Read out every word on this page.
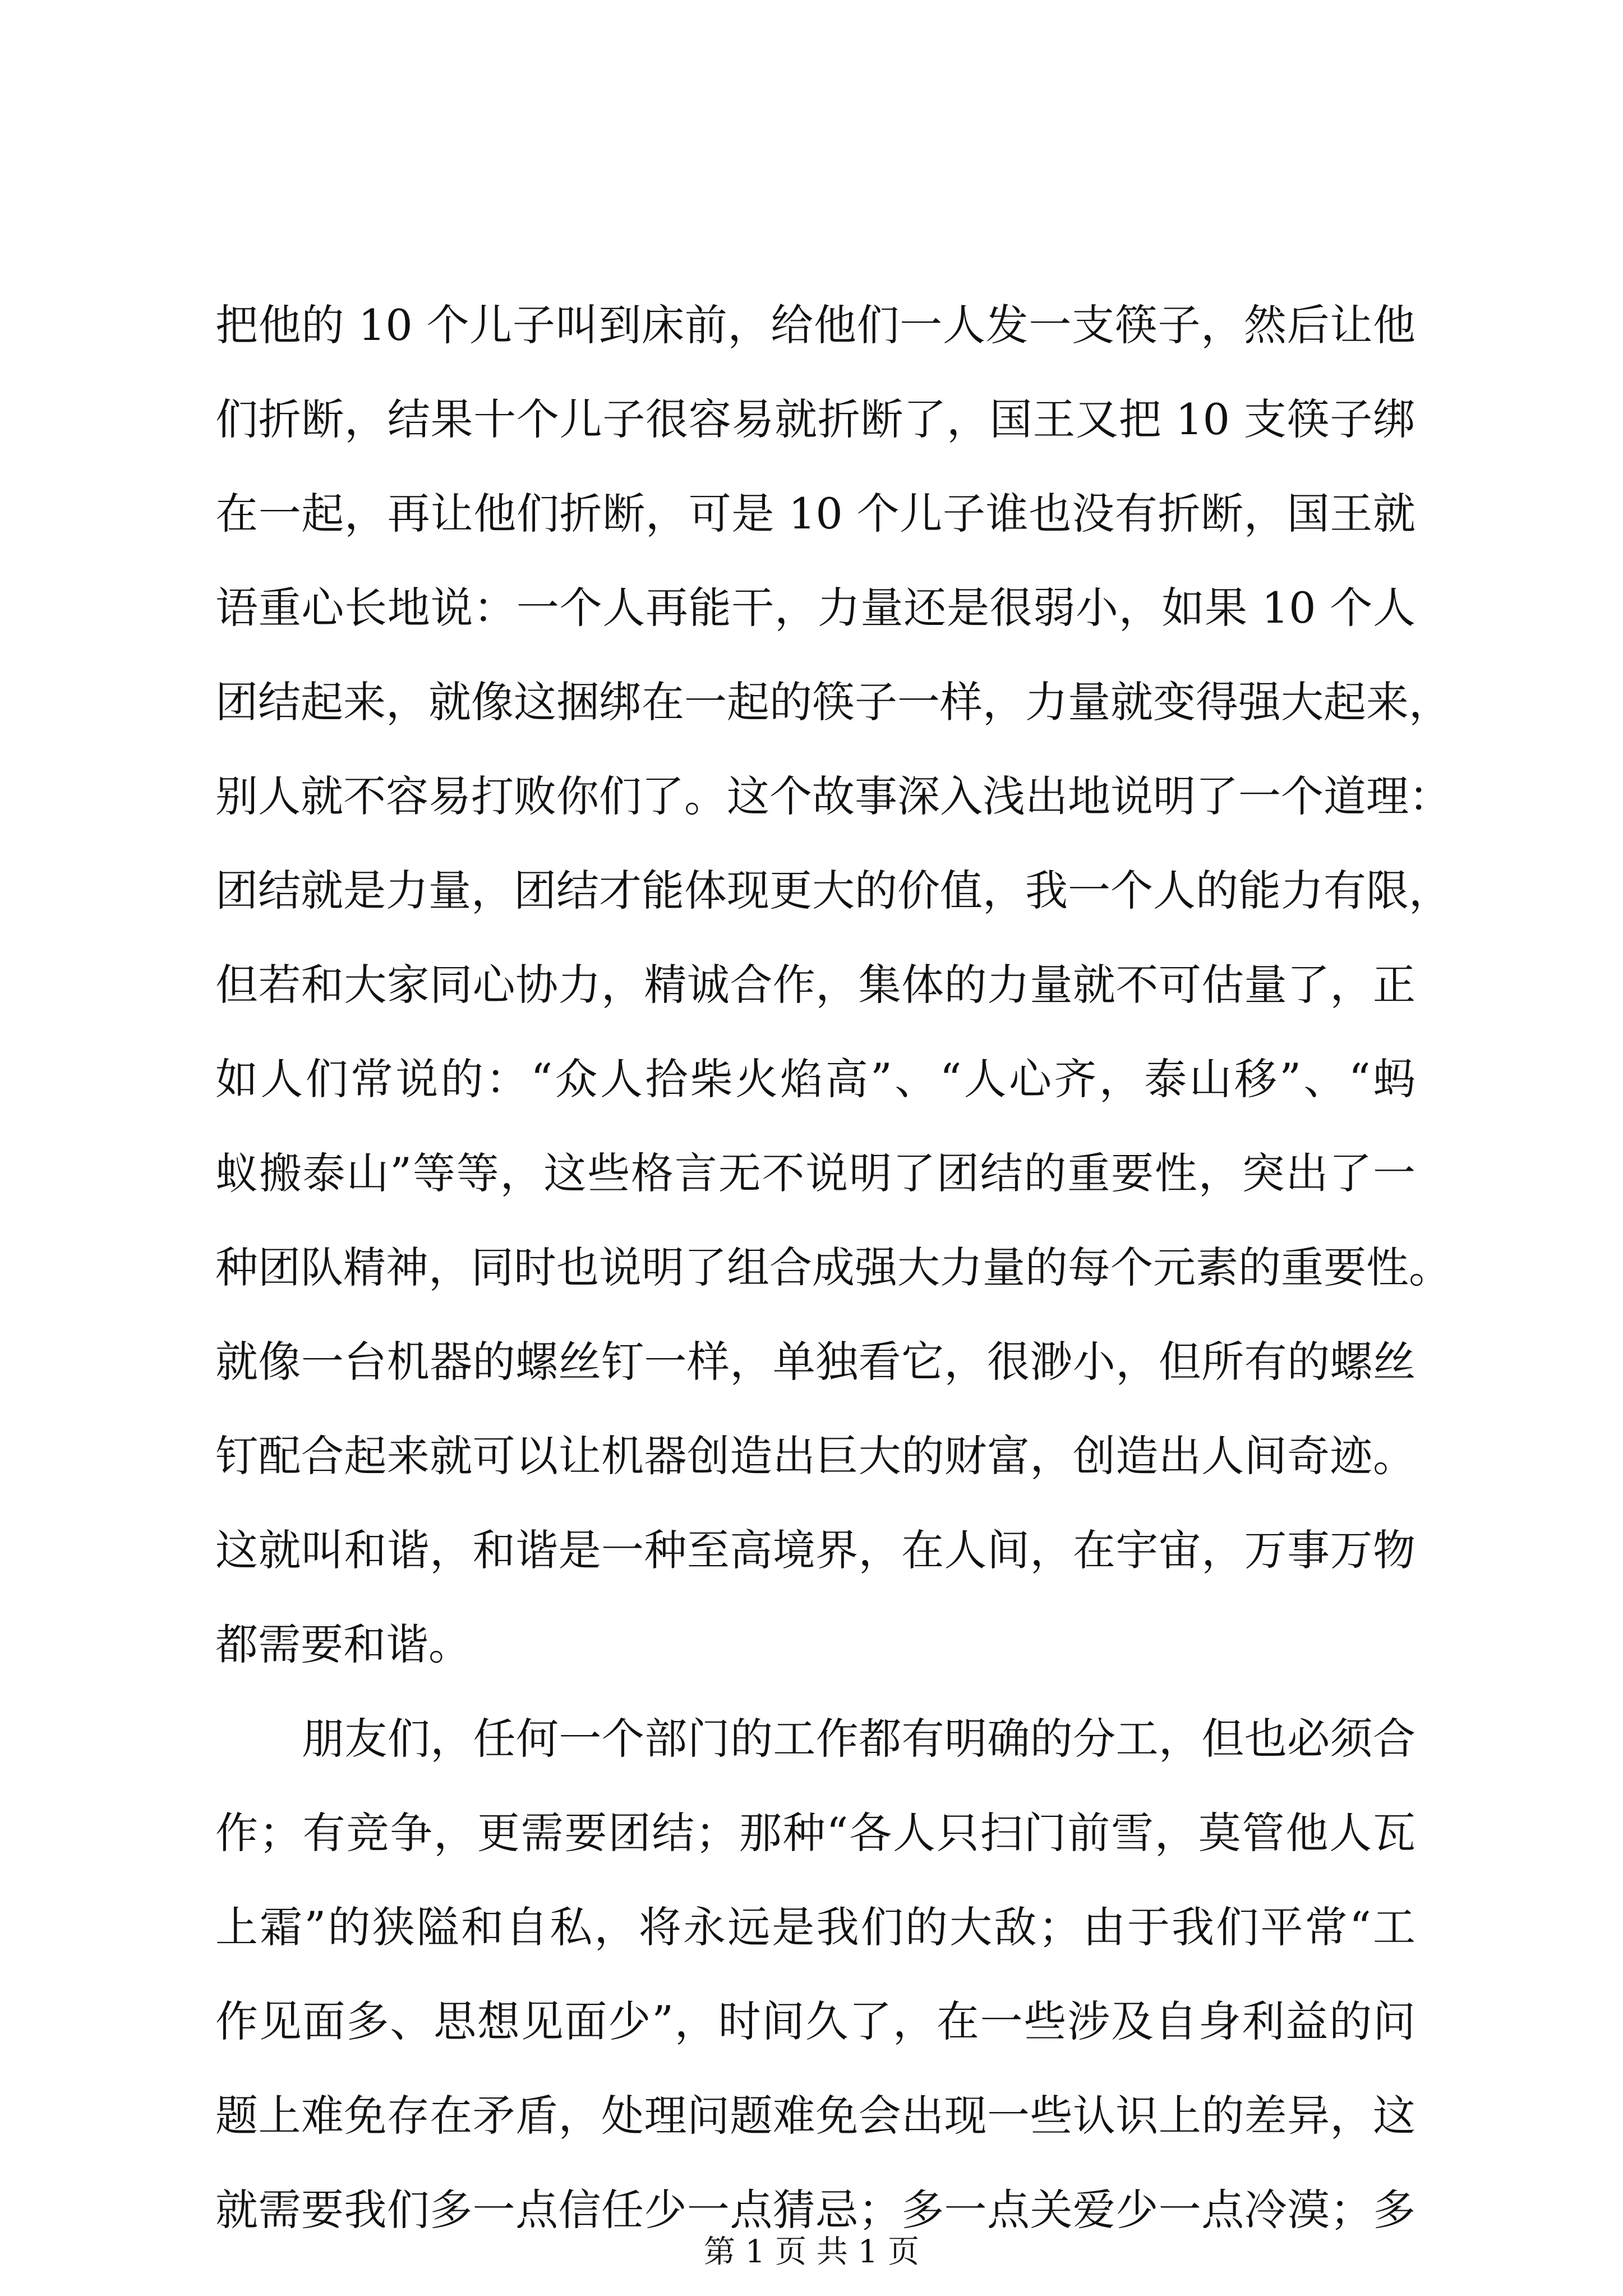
把他的 10 个儿子叫到床前，给他们一人发一支筷子，然后让他
们折断，结果十个儿子很容易就折断了，国王又把 10 支筷子绑
在一起，再让他们折断，可是 10 个儿子谁也没有折断，国王就
语重心长地说：一个人再能干，力量还是很弱小，如果 10 个人
团结起来，就像这捆绑在一起的筷子一样，力量就变得强大起来，
别人就不容易打败你们了。这个故事深入浅出地说明了一个道理：
团结就是力量，团结才能体现更大的价值，我一个人的能力有限，
但若和大家同心协力，精诚合作，集体的力量就不可估量了，正
如人们常说的：“众人拾柴火焰高”、“人心齐，泰山移”、“蚂
蚁搬泰山”等等，这些格言无不说明了团结的重要性，突出了一
种团队精神，同时也说明了组合成强大力量的每个元素的重要性。
就像一台机器的螺丝钉一样，单独看它，很渺小，但所有的螺丝
钉配合起来就可以让机器创造出巨大的财富，创造出人间奇迹。
这就叫和谐，和谐是一种至高境界，在人间，在宇宙，万事万物
都需要和谐。
朋友们，任何一个部门的工作都有明确的分工，但也必须合
作；有竞争，更需要团结；那种“各人只扫门前雪，莫管他人瓦
上霜”的狭隘和自私，将永远是我们的大敌；由于我们平常“工
作见面多、思想见面少”，时间久了，在一些涉及自身利益的问
题上难免存在矛盾，处理问题难免会出现一些认识上的差异，这
就需要我们多一点信任少一点猜忌；多一点关爱少一点冷漠；多
第 1 页 共 1 页
